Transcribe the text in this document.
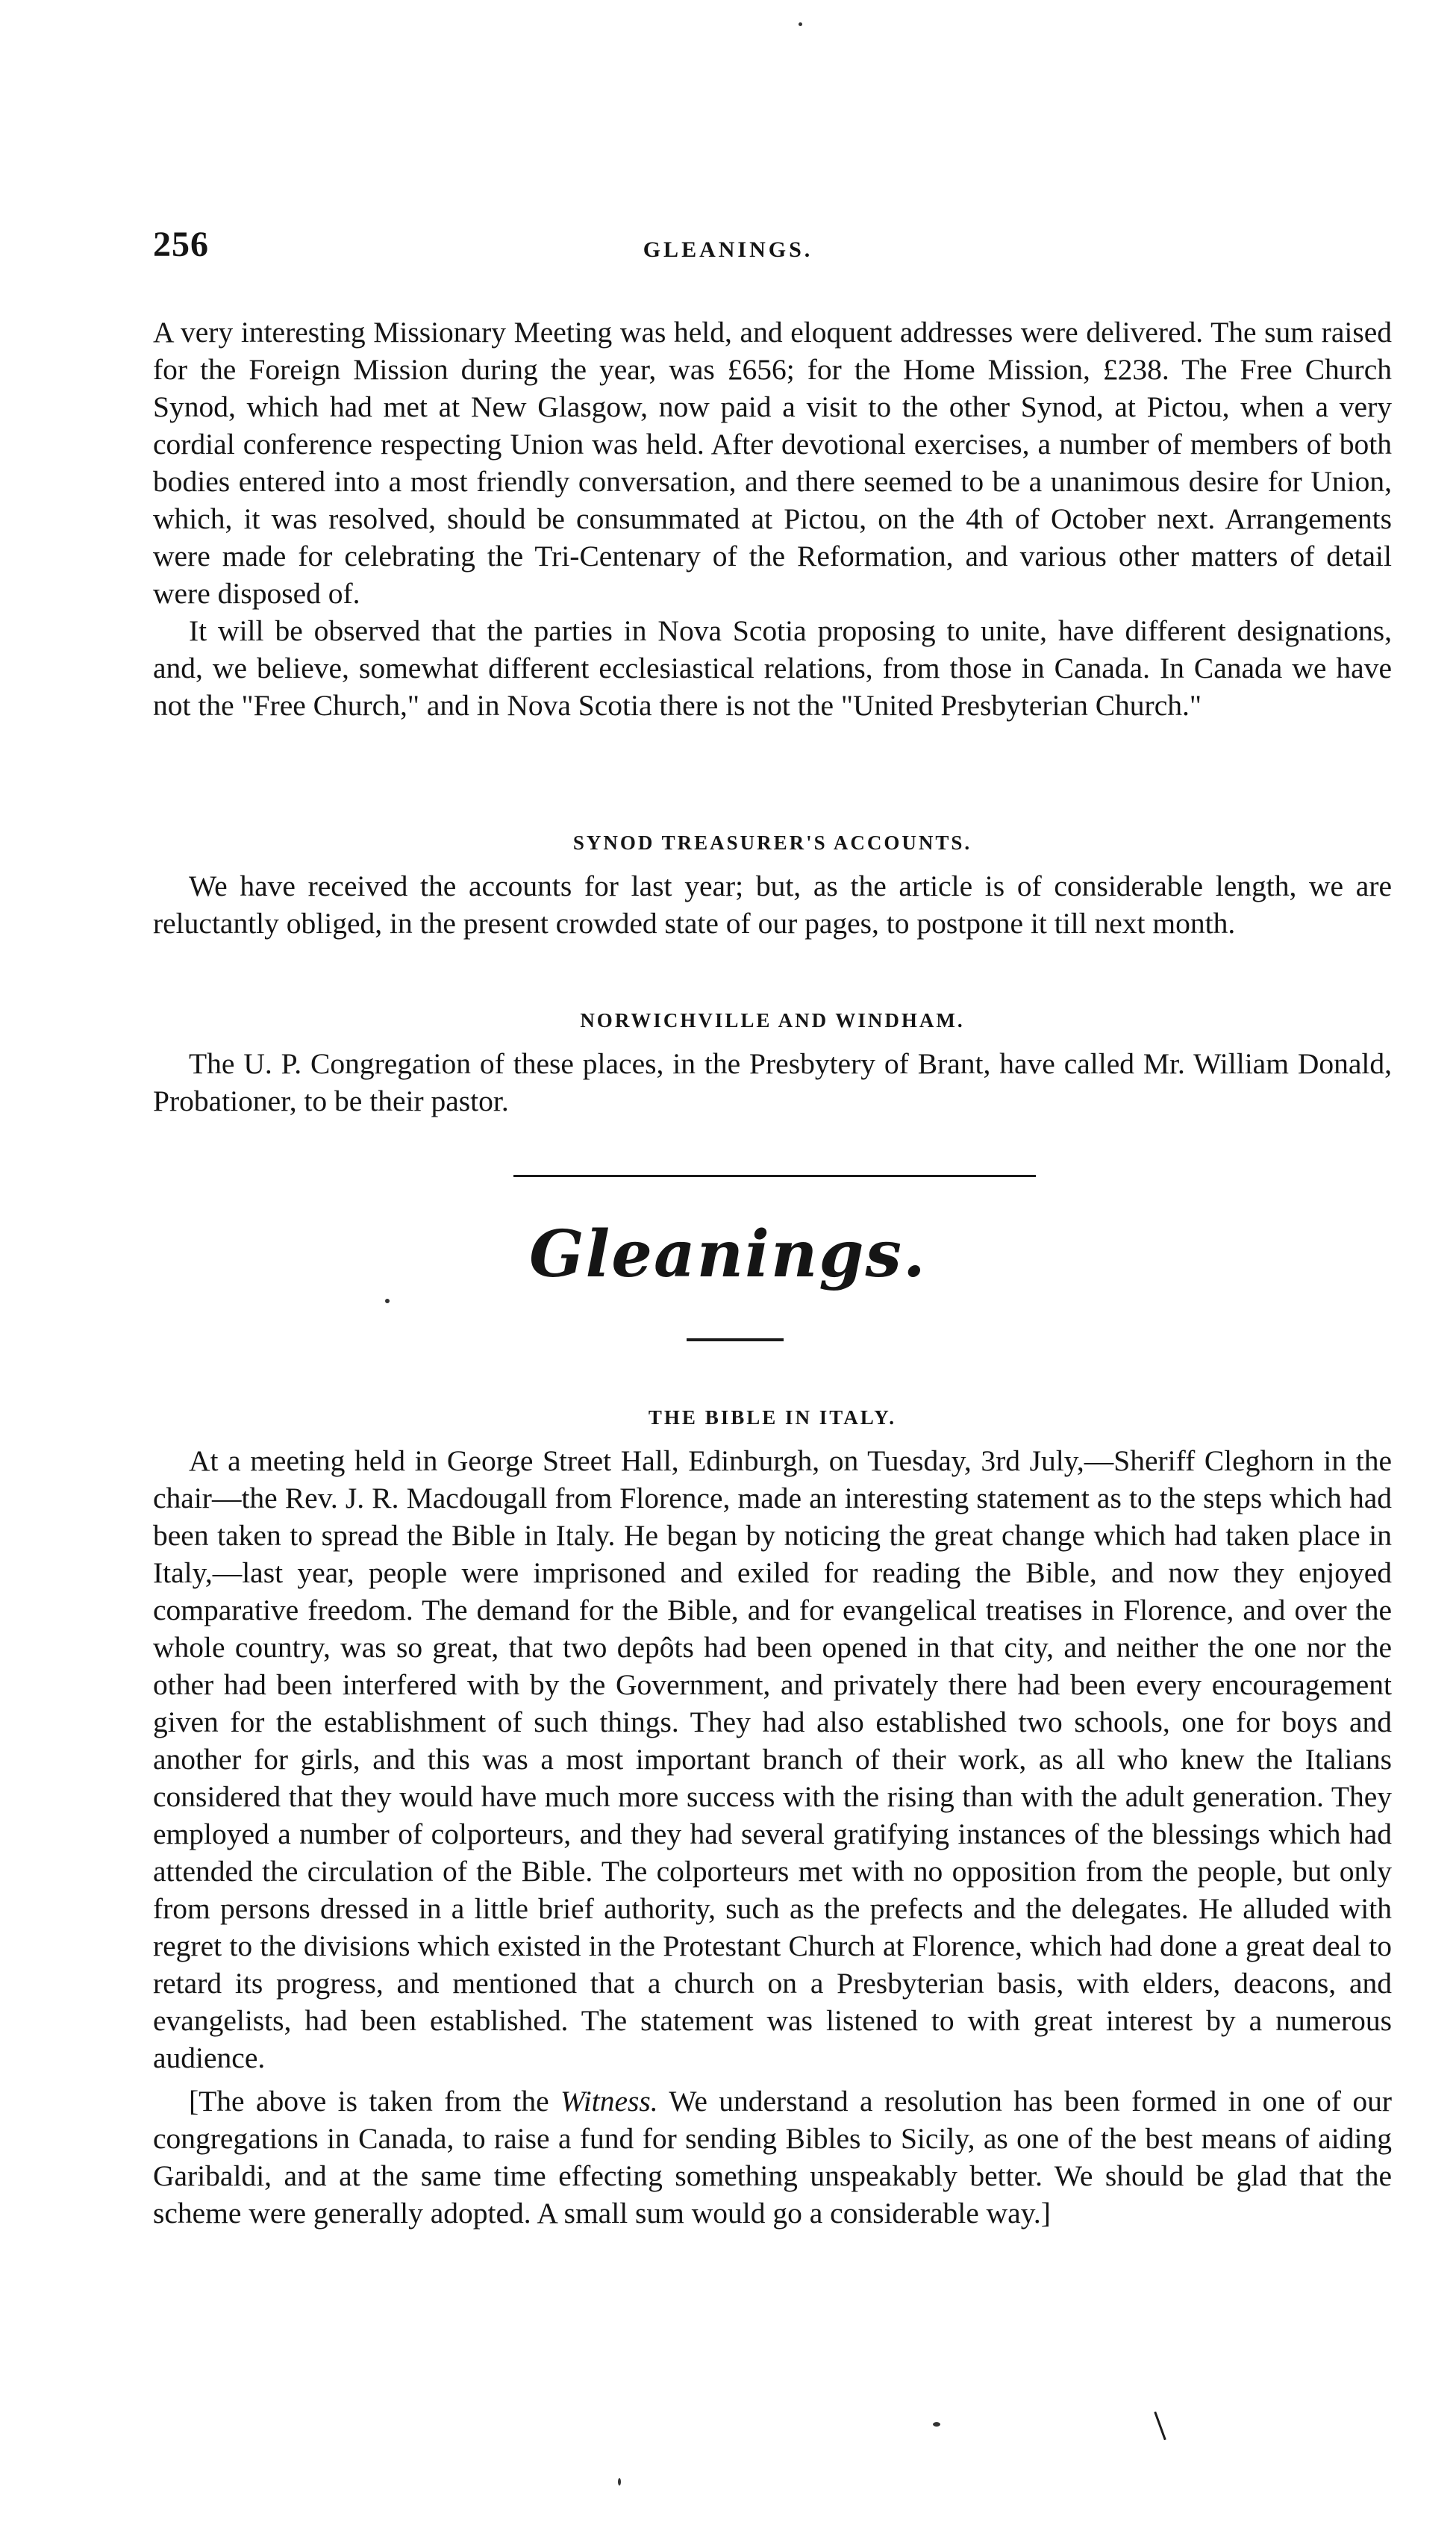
256	GLEANINGS.

A very interesting Missionary Meeting was held, and eloquent addresses were delivered. The sum raised for the Foreign Mission during the year, was £656; for the Home Mission, £238. The Free Church Synod, which had met at New Glasgow, now paid a visit to the other Synod, at Pictou, when a very cordial conference respecting Union was held. After devotional exercises, a number of members of both bodies entered into a most friendly conversation, and there seemed to be a unanimous desire for Union, which, it was resolved, should be consummated at Pictou, on the 4th of October next. Arrangements were made for celebrating the Tri-Centenary of the Reformation, and various other matters of detail were disposed of.

It will be observed that the parties in Nova Scotia proposing to unite, have different designations, and, we believe, somewhat different ecclesiastical relations, from those in Canada. In Canada we have not the "Free Church," and in Nova Scotia there is not the "United Presbyterian Church."

SYNOD TREASURER'S ACCOUNTS.

We have received the accounts for last year; but, as the article is of considerable length, we are reluctantly obliged, in the present crowded state of our pages, to postpone it till next month.

NORWICHVILLE AND WINDHAM.

The U. P. Congregation of these places, in the Presbytery of Brant, have called Mr. William Donald, Probationer, to be their pastor.

Gleanings.
THE BIBLE IN ITALY.

At a meeting held in George Street Hall, Edinburgh, on Tuesday, 3rd July,—Sheriff Cleghorn in the chair—the Rev. J. R. Macdougall from Florence, made an interesting statement as to the steps which had been taken to spread the Bible in Italy. He began by noticing the great change which had taken place in Italy,—last year, people were imprisoned and exiled for reading the Bible, and now they enjoyed comparative freedom. The demand for the Bible, and for evangelical treatises in Florence, and over the whole country, was so great, that two depôts had been opened in that city, and neither the one nor the other had been interfered with by the Government, and privately there had been every encouragement given for the establishment of such things. They had also established two schools, one for boys and another for girls, and this was a most important branch of their work, as all who knew the Italians considered that they would have much more success with the rising than with the adult generation. They employed a number of colporteurs, and they had several gratifying instances of the blessings which had attended the circulation of the Bible. The colporteurs met with no opposition from the people, but only from persons dressed in a little brief authority, such as the prefects and the delegates. He alluded with regret to the divisions which existed in the Protestant Church at Florence, which had done a great deal to retard its progress, and mentioned that a church on a Presbyterian basis, with elders, deacons, and evangelists, had been established. The statement was listened to with great interest by a numerous audience.

[The above is taken from the Witness. We understand a resolution has been formed in one of our congregations in Canada, to raise a fund for sending Bibles to Sicily, as one of the best means of aiding Garibaldi, and at the same time effecting something unspeakably better. We should be glad that the scheme were generally adopted. A small sum would go a considerable way.]
